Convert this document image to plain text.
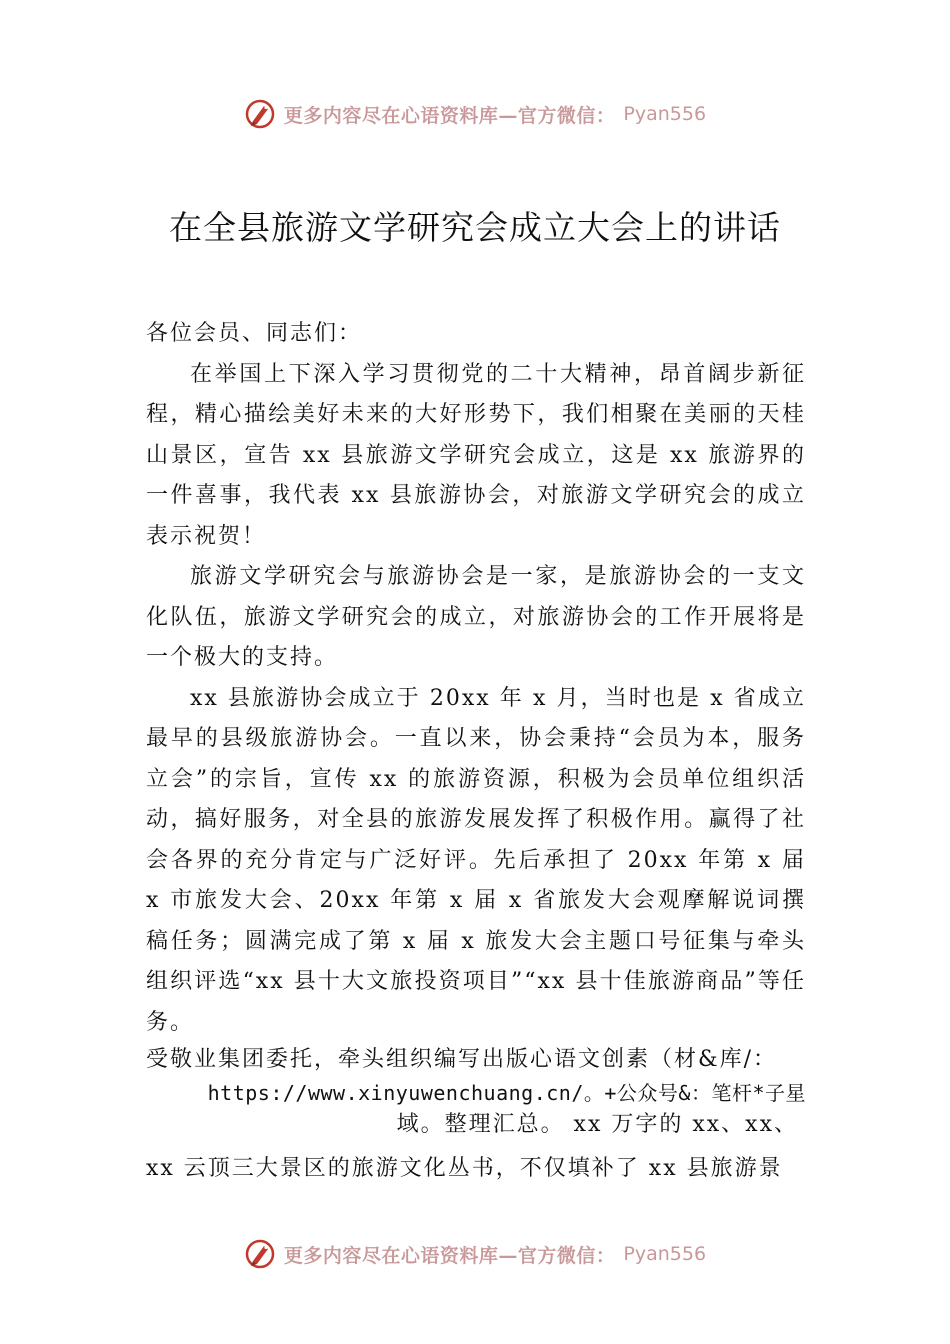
更多内容尽在心语资料库—官方微信： Pyan556
在全县旅游文学研究会成立大会上的讲话

各位会员、同志们：

在举国上下深入学习贯彻党的二十大精神，昂首阔步新征程，精心描绘美好未来的大好形势下，我们相聚在美丽的天桂山景区，宣告 xx 县旅游文学研究会成立，这是 xx 旅游界的一件喜事，我代表 xx 县旅游协会，对旅游文学研究会的成立表示祝贺！

旅游文学研究会与旅游协会是一家，是旅游协会的一支文化队伍，旅游文学研究会的成立，对旅游协会的工作开展将是一个极大的支持。

xx 县旅游协会成立于 20xx 年 x 月，当时也是 x 省成立最早的县级旅游协会。一直以来，协会秉持“会员为本，服务立会”的宗旨，宣传 xx 的旅游资源，积极为会员单位组织活动，搞好服务，对全县的旅游发展发挥了积极作用。赢得了社会各界的充分肯定与广泛好评。先后承担了 20xx 年第 x 届 x 市旅发大会、20xx 年第 x 届 x 省旅发大会观摩解说词撰稿任务；圆满完成了第 x 届 x 旅发大会主题口号征集与牵头组织评选“xx 县十大文旅投资项目”“xx 县十佳旅游商品”等任务。

受敬业集团委托，牵头组织编写出版心语文创素（材&库/：

https://www.xinyuwenchuang.cn/。+公众号&：笔杆*子星

域。整理汇总。 xx 万字的 xx、xx、

xx 云顶三大景区的旅游文化丛书，不仅填补了 xx 县旅游景

更多内容尽在心语资料库—官方微信： Pyan556
